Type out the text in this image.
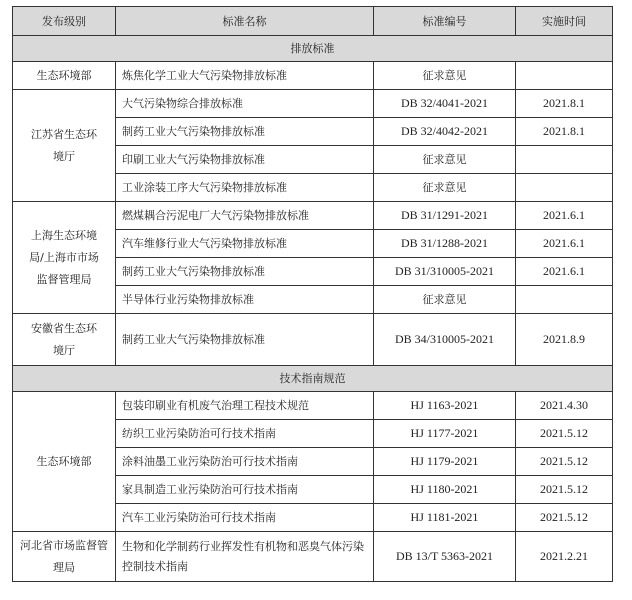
发布级别	标准名称	标准编号	实施时间
排放标准			
生态环境部	炼焦化学工业大气污染物排放标准	征求意见	
江苏省生态环境厅	大气污染物综合排放标准	DB 32/4041-2021	2021.8.1
	制药工业大气污染物排放标准	DB 32/4042-2021	2021.8.1
	印刷工业大气污染物排放标准	征求意见	
	工业涂装工序大气污染物排放标准	征求意见	
上海生态环境局/上海市市场监督管理局	燃煤耦合污泥电厂大气污染物排放标准	DB 31/1291-2021	2021.6.1
	汽车维修行业大气污染物排放标准	DB 31/1288-2021	2021.6.1
	制药工业大气污染物排放标准	DB 31/310005-2021	2021.6.1
	半导体行业污染物排放标准	征求意见	
安徽省生态环境厅	制药工业大气污染物排放标准	DB 34/310005-2021	2021.8.9
技术指南规范			
生态环境部	包装印刷业有机废气治理工程技术规范	HJ 1163-2021	2021.4.30
	纺织工业污染防治可行技术指南	HJ 1177-2021	2021.5.12
	涂料油墨工业污染防治可行技术指南	HJ 1179-2021	2021.5.12
	家具制造工业污染防治可行技术指南	HJ 1180-2021	2021.5.12
	汽车工业污染防治可行技术指南	HJ 1181-2021	2021.5.12
河北省市场监督管理局	生物和化学制药行业挥发性有机物和恶臭气体污染控制技术指南	DB 13/T 5363-2021	2021.2.21
